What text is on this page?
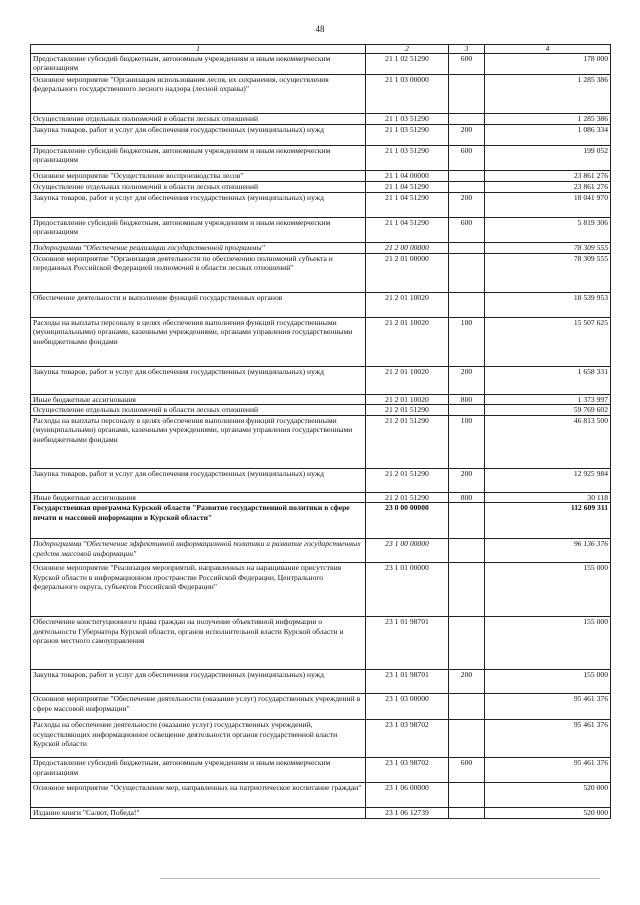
48
1	2	3	4
Предоставление субсидий бюджетным, автономным учреждениям и иным некоммерческим организациям	21 1 02 51290	600	178 000
Основное мероприятие "Организация использования лесов, их сохранения, осуществления федерального государственного лесного надзора (лесной охраны)"	21 1 03 00000		1 285 386
Осуществление отдельных полномочий в области лесных отношений	21 1 03 51290		1 285 386
Закупка товаров, работ и услуг для обеспечения государственных (муниципальных) нужд	21 1 03 51290	200	1 086 334
Предоставление субсидий бюджетным, автономным учреждениям и иным некоммерческим организациям	21 1 03 51290	600	199 052
Основное мероприятие "Осуществление воспроизводства лесов"	21 1 04 00000		23 861 276
Осуществление отдельных полномочий в области лесных отношений	21 1 04 51290		23 861 276
Закупка товаров, работ и услуг для обеспечения государственных (муниципальных) нужд	21 1 04 51290	200	18 041 970
Предоставление субсидий бюджетным, автономным учреждениям и иным некоммерческим организациям	21 1 04 51290	600	5 819 306
Подпрограмма "Обеспечение реализации государственной программы"	21 2 00 00000		78 309 555
Основное мероприятие "Организация деятельности по обеспечению полномочий субъекта и переданных Российской Федерацией полномочий в области лесных отношений"	21 2 01 00000		78 309 555
Обеспечение деятельности и выполнение функций государственных органов	21 2 01 10020		18 539 953
Расходы на выплаты персоналу в целях обеспечения выполнения функций государственными (муниципальными) органами, казенными учреждениями, органами управления государственными внебюджетными фондами	21 2 01 10020	100	15 507 625
Закупка товаров, работ и услуг для обеспечения государственных (муниципальных) нужд	21 2 01 10020	200	1 658 331
Иные бюджетные ассигнования	21 2 01 10020	800	1 373 997
Осуществление отдельных полномочий в области лесных отношений	21 2 01 51290		59 769 602
Расходы на выплаты персоналу в целях обеспечения выполнения функций государственными (муниципальными) органами, казенными учреждениями, органами управления государственными внебюджетными фондами	21 2 01 51290	100	46 813 500
Закупка товаров, работ и услуг для обеспечения государственных (муниципальных) нужд	21 2 01 51290	200	12 925 984
Иные бюджетные ассигнования	21 2 01 51290	800	30 118
Государственная программа Курской области "Развитие государственной политики в сфере печати и массовой информации в Курской области"	23 0 00 00000		112 609 311
Подпрограмма "Обеспечение эффективной информационной политики и развитие государственных средств массовой информации"	23 1 00 00000		96 136 376
Основное мероприятие "Реализация мероприятий, направленных на наращивание присутствия Курской области в информационном пространстве Российской Федерации, Центрального федерального округа, субъектов Российской Федерации"	23 1 01 00000		155 000
Обеспечение конституционного права граждан на получение объективной информации о деятельности Губернатора Курской области, органов исполнительной власти Курской области и органов местного самоуправления	23 1 01 98701		155 000
Закупка товаров, работ и услуг для обеспечения государственных (муниципальных) нужд	23 1 01 98701	200	155 000
Основное мероприятие "Обеспечение деятельности (оказание услуг) государственных учреждений в сфере массовой информации"	23 1 03 00000		95 461 376
Расходы на обеспечение деятельности (оказание услуг) государственных учреждений, осуществляющих информационное освещение деятельности органов государственной власти Курской области	23 1 03 98702		95 461 376
Предоставление субсидий бюджетным, автономным учреждениям и иным некоммерческим организациям	23 1 03 98702	600	95 461 376
Основное мероприятие "Осуществление мер, направленных на патриотическое воспитание граждан"	23 1 06 00000		520 000
Издание книги "Салют, Победа!"	23 1 06 12739		520 000
